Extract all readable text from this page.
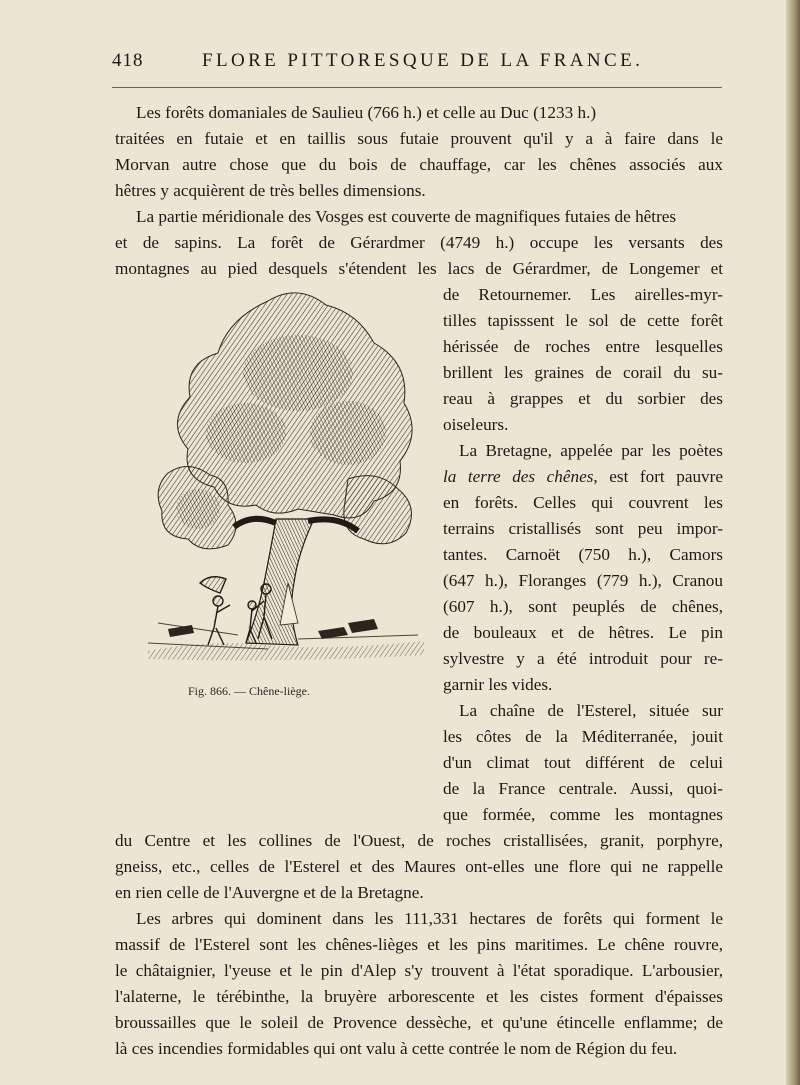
418	FLORE PITTORESQUE DE LA FRANCE.
Les forêts domaniales de Saulieu (766 h.) et celle au Duc (1233 h.)
traitées en futaie et en taillis sous futaie prouvent qu'il y a à faire dans le
Morvan autre chose que du bois de chauffage, car les chênes associés aux
hêtres y acquièrent de très belles dimensions.
La partie méridionale des Vosges est couverte de magnifiques futaies de hêtres
et de sapins. La forêt de Gérardmer (4749 h.) occupe les versants des
montagnes au pied desquels s'étendent les lacs de Gérardmer, de Longemer et
de Retournemer. Les airelles-myr-
tilles tapisssent le sol de cette forêt
hérissée de roches entre lesquelles
brillent les graines de corail du su-
reau à grappes et du sorbier des
oiseleurs.
La Bretagne, appelée par les poètes
la terre des chênes, est fort pauvre
en forêts. Celles qui couvrent les
terrains cristallisés sont peu impor-
tantes. Carnoët (750 h.), Camors
(647 h.), Floranges (779 h.), Cranou
(607 h.), sont peuplés de chênes,
de bouleaux et de hêtres. Le pin
sylvestre y a été introduit pour re-
garnir les vides.
La chaîne de l'Esterel, située sur
les côtes de la Méditerranée, jouit
d'un climat tout différent de celui
de la France centrale. Aussi, quoi-
que formée, comme les montagnes
du Centre et les collines de l'Ouest, de roches cristallisées, granit, porphyre,
gneiss, etc., celles de l'Esterel et des Maures ont-elles une flore qui ne rappelle
en rien celle de l'Auvergne et de la Bretagne.
Les arbres qui dominent dans les 111,331 hectares de forêts qui forment le
massif de l'Esterel sont les chênes-lièges et les pins maritimes. Le chêne rouvre,
le châtaignier, l'yeuse et le pin d'Alep s'y trouvent à l'état sporadique. L'arbousier,
l'alaterne, le térébinthe, la bruyère arborescente et les cistes forment d'épaisses
broussailles que le soleil de Provence dessèche, et qu'une étincelle enflamme; de
là ces incendies formidables qui ont valu à cette contrée le nom de Région du feu.
Fig. 866. — Chêne-liège.
